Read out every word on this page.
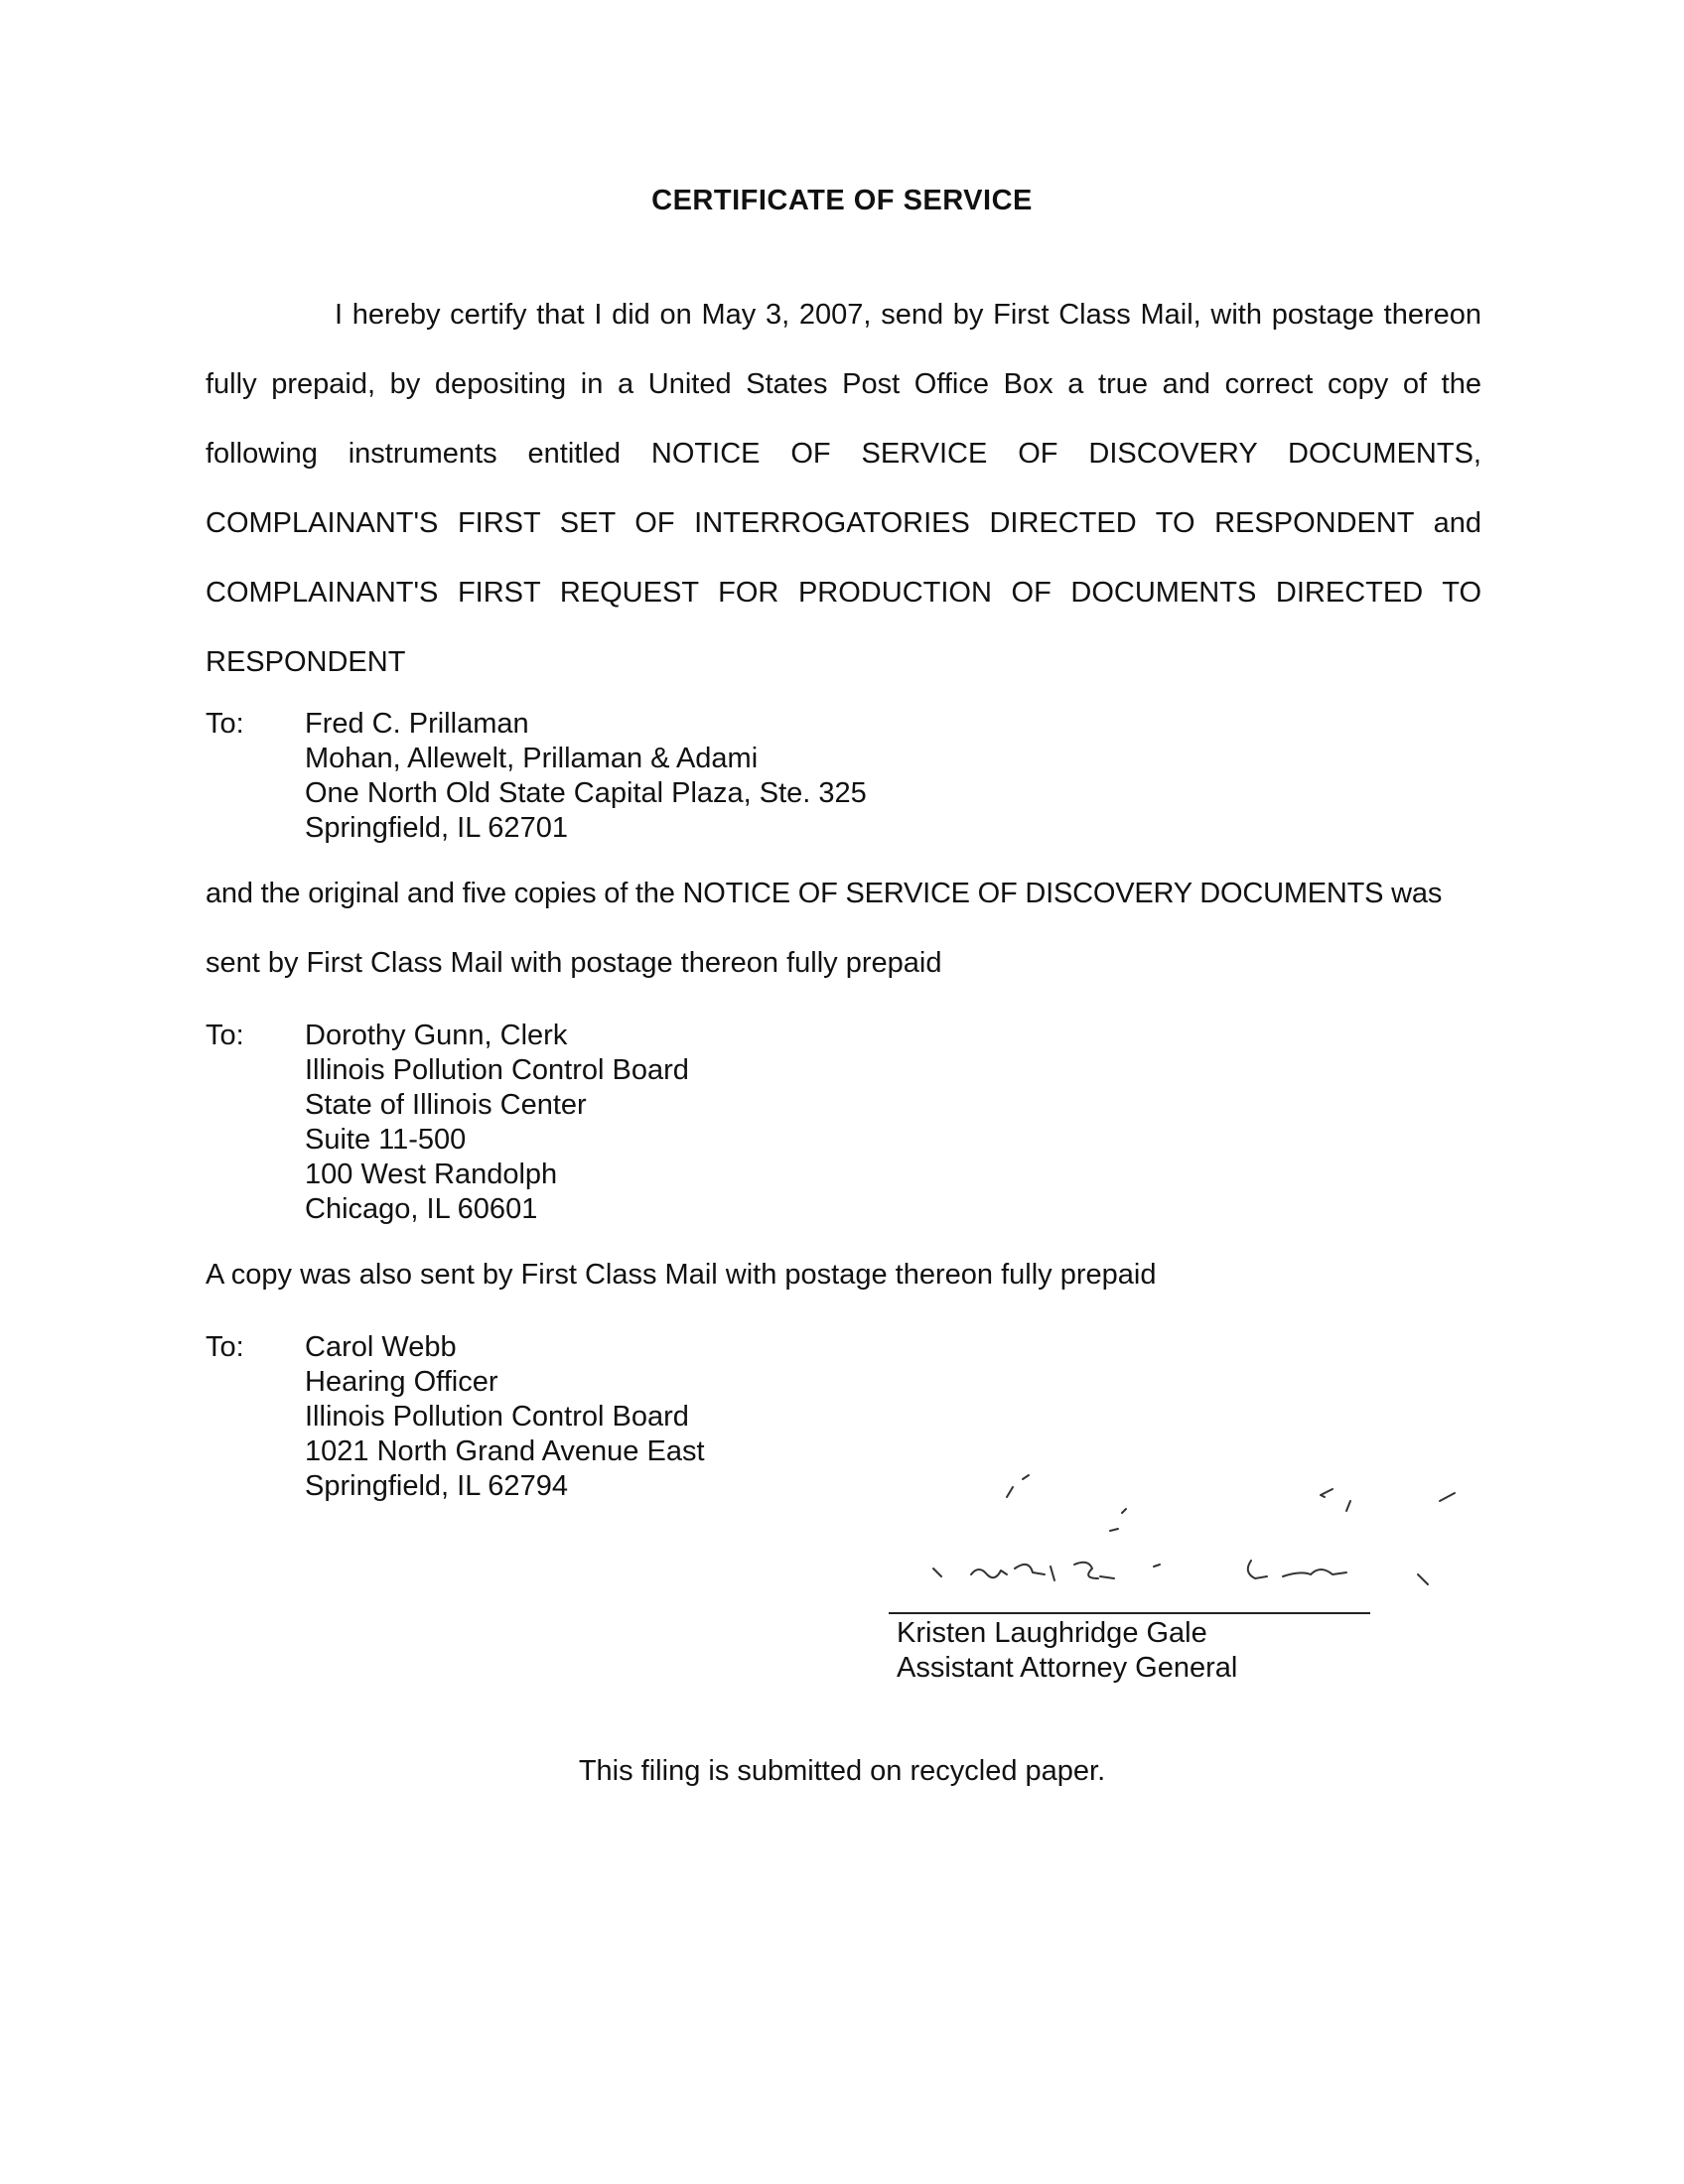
CERTIFICATE OF SERVICE

I hereby certify that I did on May 3, 2007, send by First Class Mail, with postage thereon fully prepaid, by depositing in a United States Post Office Box a true and correct copy of the following instruments entitled NOTICE OF SERVICE OF DISCOVERY DOCUMENTS, COMPLAINANT'S FIRST SET OF INTERROGATORIES DIRECTED TO RESPONDENT and COMPLAINANT'S FIRST REQUEST FOR PRODUCTION OF DOCUMENTS DIRECTED TO RESPONDENT

To: Fred C. Prillaman
Mohan, Allewelt, Prillaman & Adami
One North Old State Capital Plaza, Ste. 325
Springfield, IL 62701

and the original and five copies of the NOTICE OF SERVICE OF DISCOVERY DOCUMENTS was

sent by First Class Mail with postage thereon fully prepaid

To: Dorothy Gunn, Clerk
Illinois Pollution Control Board
State of Illinois Center
Suite 11-500
100 West Randolph
Chicago, IL 60601

A copy was also sent by First Class Mail with postage thereon fully prepaid

To: Carol Webb
Hearing Officer
Illinois Pollution Control Board
1021 North Grand Avenue East
Springfield, IL 62794
Kristen Laughridge Gale
Assistant Attorney General
This filing is submitted on recycled paper.
